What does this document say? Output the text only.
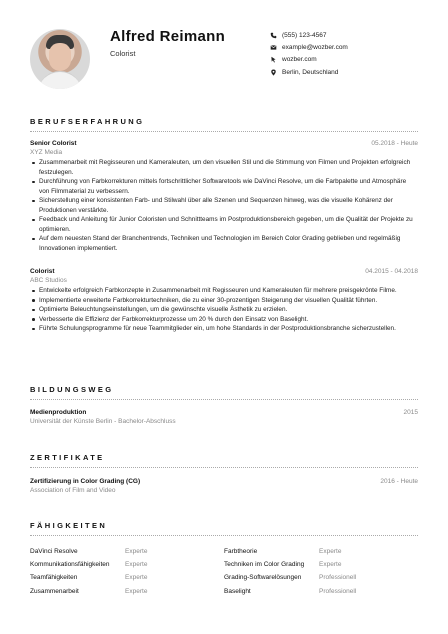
Alfred Reimann
Colorist
(555) 123-4567
example@wozber.com
wozber.com
Berlin, Deutschland
BERUFSERFAHRUNG
Senior Colorist	05.2018 - Heute
XYZ Media
Zusammenarbeit mit Regisseuren und Kameraleuten, um den visuellen Stil und die Stimmung von Filmen und Projekten erfolgreich festzulegen.
Durchführung von Farbkorrekturen mittels fortschrittlicher Softwaretools wie DaVinci Resolve, um die Farbpalette und Atmosphäre von Filmmaterial zu verbessern.
Sicherstellung einer konsistenten Farb- und Stilwahl über alle Szenen und Sequenzen hinweg, was die visuelle Kohärenz der Produktionen verstärkte.
Feedback und Anleitung für Junior Coloristen und Schnittteams im Postproduktionsbereich gegeben, um die Qualität der Projekte zu optimieren.
Auf dem neuesten Stand der Branchentrends, Techniken und Technologien im Bereich Color Grading geblieben und regelmäßig Innovationen implementiert.
Colorist	04.2015 - 04.2018
ABC Studios
Entwickelte erfolgreich Farbkonzepte in Zusammenarbeit mit Regisseuren und Kameraleuten für mehrere preisgekrönte Filme.
Implementierte erweiterte Farbkorrekturtechniken, die zu einer 30-prozentigen Steigerung der visuellen Qualität führten.
Optimierte Beleuchtungseinstellungen, um die gewünschte visuelle Ästhetik zu erzielen.
Verbesserte die Effizienz der Farbkorrekturprozesse um 20 % durch den Einsatz von Baselight.
Führte Schulungsprogramme für neue Teammitglieder ein, um hohe Standards in der Postproduktionsbranche sicherzustellen.
BILDUNGSWEG
Medienproduktion	2015
Universität der Künste Berlin - Bachelor-Abschluss
ZERTIFIKATE
Zertifizierung in Color Grading (CG)	2016 - Heute
Association of Film and Video
FÄHIGKEITEN
DaVinci Resolve	Experte	Farbtheorie	Experte
Kommunikationsfähigkeiten	Experte	Techniken im Color Grading	Experte
Teamfähigkeiten	Experte	Grading-Softwarelösungen	Professionell
Zusammenarbeit	Experte	Baselight	Professionell
